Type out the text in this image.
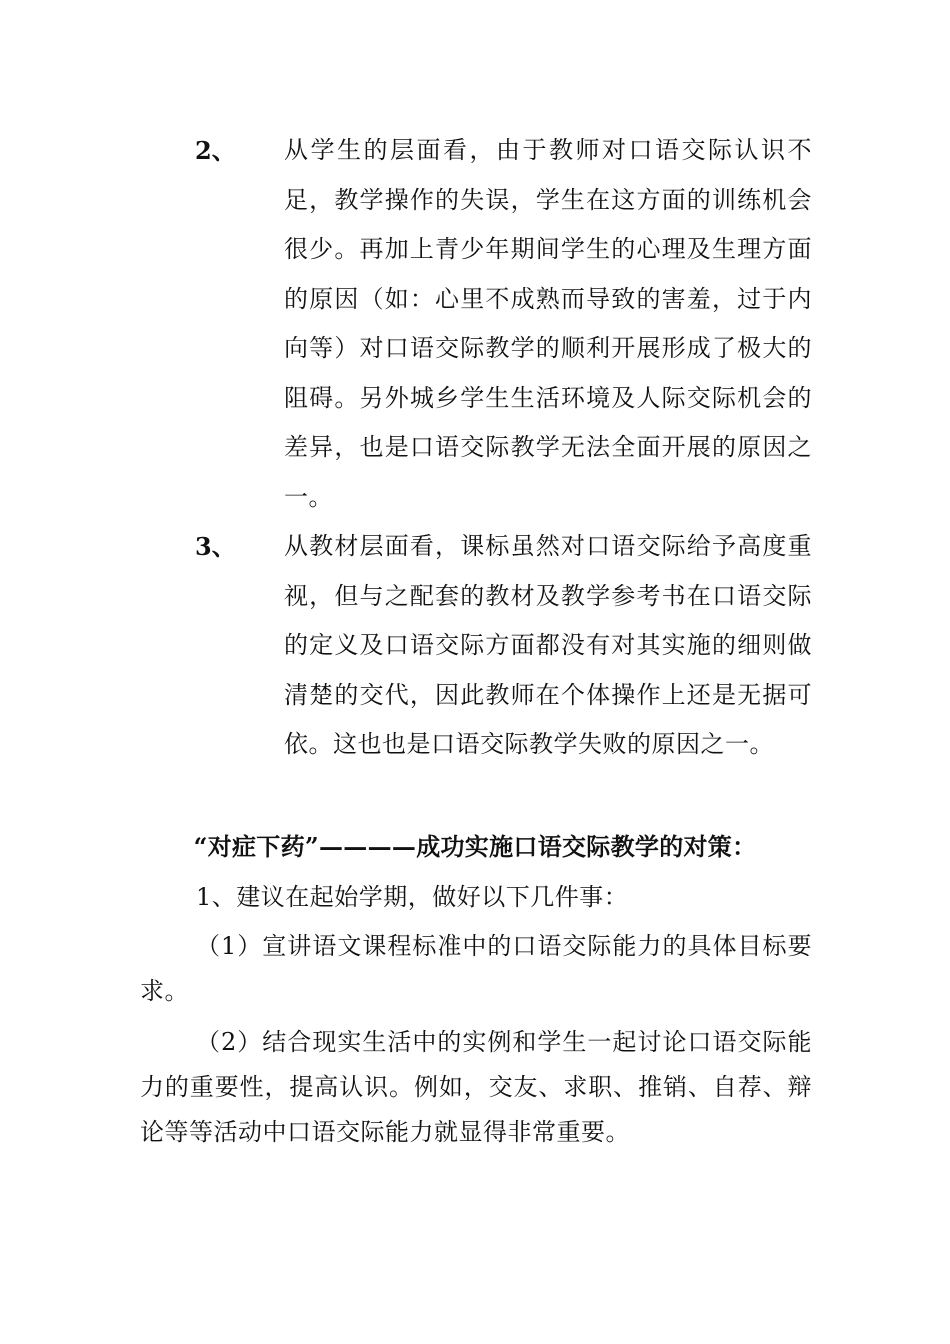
2、 从学生的层面看，由于教师对口语交际认识不足，教学操作的失误，学生在这方面的训练机会很少。再加上青少年期间学生的心理及生理方面的原因（如：心里不成熟而导致的害羞，过于内向等）对口语交际教学的顺利开展形成了极大的阻碍。另外城乡学生生活环境及人际交际机会的差异，也是口语交际教学无法全面开展的原因之一。
3、 从教材层面看，课标虽然对口语交际给予高度重视，但与之配套的教材及教学参考书在口语交际的定义及口语交际方面都没有对其实施的细则做清楚的交代，因此教师在个体操作上还是无据可依。这也也是口语交际教学失败的原因之一。
“对症下药”————成功实施口语交际教学的对策：
1、建议在起始学期，做好以下几件事：
（1）宣讲语文课程标准中的口语交际能力的具体目标要求。
（2）结合现实生活中的实例和学生一起讨论口语交际能力的重要性，提高认识。例如，交友、求职、推销、自荐、辩论等等活动中口语交际能力就显得非常重要。
